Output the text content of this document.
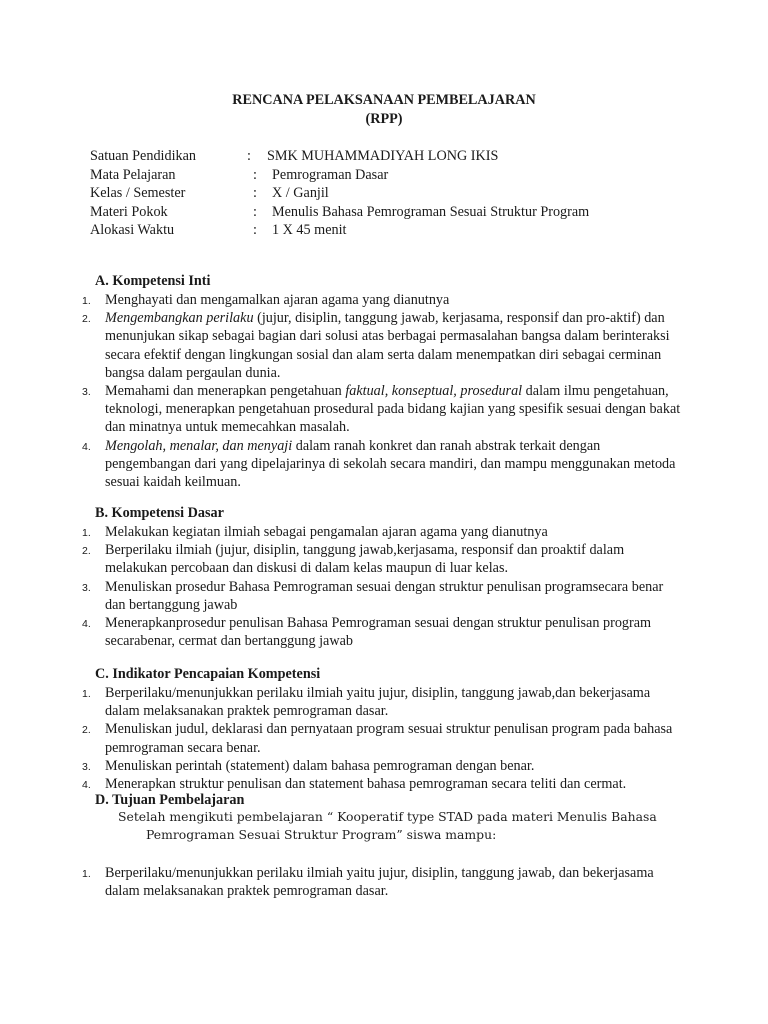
RENCANA PELAKSANAAN PEMBELAJARAN
(RPP)
Satuan Pendidikan	: SMK MUHAMMADIYAH LONG IKIS
Mata Pelajaran	: Pemrograman Dasar
Kelas / Semester	: X / Ganjil
Materi Pokok	: Menulis Bahasa Pemrograman Sesuai Struktur Program
Alokasi Waktu	: 1 X 45 menit
A. Kompetensi Inti
1. Menghayati dan mengamalkan ajaran agama yang dianutnya
2. Mengembangkan perilaku (jujur, disiplin, tanggung jawab, kerjasama, responsif dan pro-aktif) dan menunjukan sikap sebagai bagian dari solusi atas berbagai permasalahan bangsa dalam berinteraksi secara efektif dengan lingkungan sosial dan alam serta dalam menempatkan diri sebagai cerminan bangsa dalam pergaulan dunia.
3. Memahami dan menerapkan pengetahuan faktual, konseptual, prosedural dalam ilmu pengetahuan, teknologi, menerapkan pengetahuan prosedural pada bidang kajian yang spesifik sesuai dengan bakat dan minatnya untuk memecahkan masalah.
4. Mengolah, menalar, dan menyaji dalam ranah konkret dan ranah abstrak terkait dengan pengembangan dari yang dipelajarinya di sekolah secara mandiri, dan mampu menggunakan metoda sesuai kaidah keilmuan.
B. Kompetensi Dasar
1. Melakukan kegiatan ilmiah sebagai pengamalan ajaran agama yang dianutnya
2. Berperilaku ilmiah (jujur, disiplin, tanggung jawab,kerjasama, responsif dan proaktif dalam melakukan percobaan dan diskusi di dalam kelas maupun di luar kelas.
3. Menuliskan prosedur Bahasa Pemrograman sesuai dengan struktur penulisan programsecara benar dan bertanggung jawab
4. Menerapkanprosedur penulisan Bahasa Pemrograman sesuai dengan struktur penulisan program secarabenar, cermat dan bertanggung jawab
C. Indikator Pencapaian Kompetensi
1. Berperilaku/menunjukkan perilaku ilmiah yaitu jujur, disiplin, tanggung jawab,dan bekerjasama dalam melaksanakan praktek pemrograman dasar.
2. Menuliskan judul, deklarasi dan pernyataan program sesuai struktur penulisan program pada bahasa pemrograman secara benar.
3. Menuliskan perintah (statement) dalam bahasa pemrograman dengan benar.
4. Menerapkan struktur penulisan dan statement bahasa pemrograman secara teliti dan cermat.
D. Tujuan Pembelajaran
Setelah mengikuti pembelajaran “ Kooperatif type STAD pada materi Menulis Bahasa
Pemrograman Sesuai Struktur Program” siswa mampu:
1. Berperilaku/menunjukkan perilaku ilmiah yaitu jujur, disiplin, tanggung jawab, dan bekerjasama dalam melaksanakan praktek pemrograman dasar.
